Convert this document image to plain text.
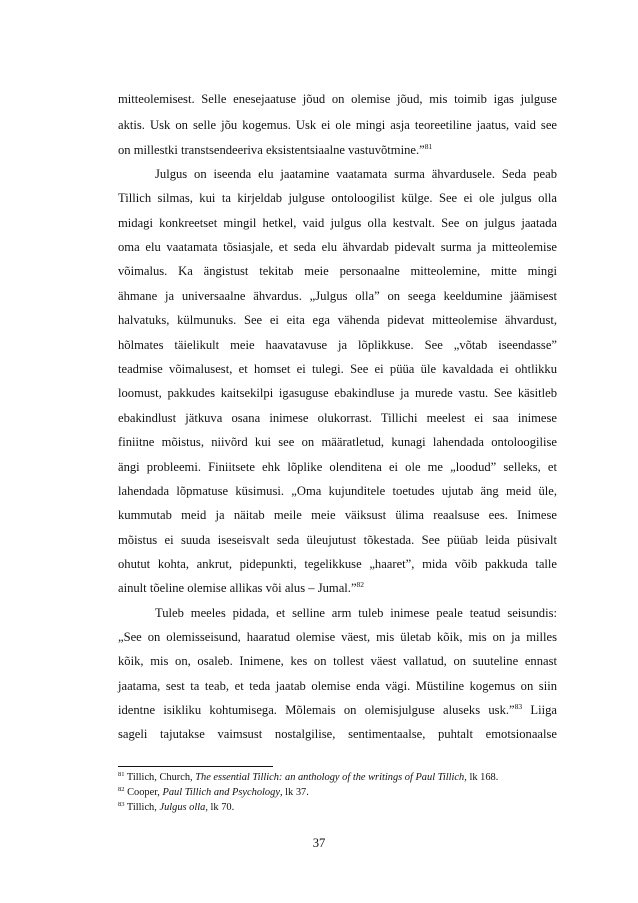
mitteolemisest. Selle enesejaatuse jõud on olemise jõud, mis toimib igas julguse
aktis. Usk on selle jõu kogemus. Usk ei ole mingi asja teoreetiline jaatus, vaid see
on millestki transtsendeeriva eksistentsiaalne vastuvõtmine.”$^{81}$
Julgus on iseenda elu jaatamine vaatamata surma ähvardusele. Seda peab
Tillich silmas, kui ta kirjeldab julguse ontoloogilist külge. See ei ole julgus olla
midagi konkreetset mingil hetkel, vaid julgus olla kestvalt. See on julgus jaatada
oma elu vaatamata tõsiasjale, et seda elu ähvardab pidevalt surma ja mitteolemise
võimalus. Ka ängistust tekitab meie personaalne mitteolemine, mitte mingi
ähmane ja universaalne ähvardus. „Julgus olla” on seega keeldumine jäämisest
halvatuks, külmunuks. See ei eita ega vähenda pidevat mitteolemise ähvardust,
hõlmates täielikult meie haavatavuse ja lõplikkuse. See „võtab iseendasse”
teadmise võimalusest, et homset ei tulegi. See ei püüa üle kavaldada ei ohtlikku
loomust, pakkudes kaitsekilpi igasuguse ebakindluse ja murede vastu. See käsitleb
ebakindlust jätkuva osana inimese olukorrast. Tillichi meelest ei saa inimese
finiitne mõistus, niivõrd kui see on määratletud, kunagi lahendada ontoloogilise
ängi probleemi. Finiitsete ehk lõplike olenditena ei ole me „loodud” selleks, et
lahendada lõpmatuse küsimusi. „Oma kujunditele toetudes ujutab äng meid üle,
kummutab meid ja näitab meile meie väiksust ülima reaalsuse ees. Inimese
mõistus ei suuda iseseisvalt seda üleujutust tõkestada. See püüab leida püsivalt
ohutut kohta, ankrut, pidepunkti, tegelikkuse „haaret”, mida võib pakkuda talle
ainult tõeline olemise allikas või alus – Jumal.”$^{82}$
Tuleb meeles pidada, et selline arm tuleb inimese peale teatud seisundis:
„See on olemisseisund, haaratud olemise väest, mis ületab kõik, mis on ja milles
kõik, mis on, osaleb. Inimene, kes on tollest väest vallatud, on suuteline ennast
jaatama, sest ta teab, et teda jaatab olemise enda vägi. Müstiline kogemus on siin
identne isikliku kohtumisega. Mõlemais on olemisjulguse aluseks usk.”$^{83}$ Liiga
sageli tajutakse vaimsust nostalgilise, sentimentaalse, puhtalt emotsionaalse
$^{81}$ Tillich, Church, The essential Tillich: an anthology of the writings of Paul Tillich, lk 168.
$^{82}$ Cooper, Paul Tillich and Psychology, lk 37.
$^{83}$ Tillich, Julgus olla, lk 70.
37
